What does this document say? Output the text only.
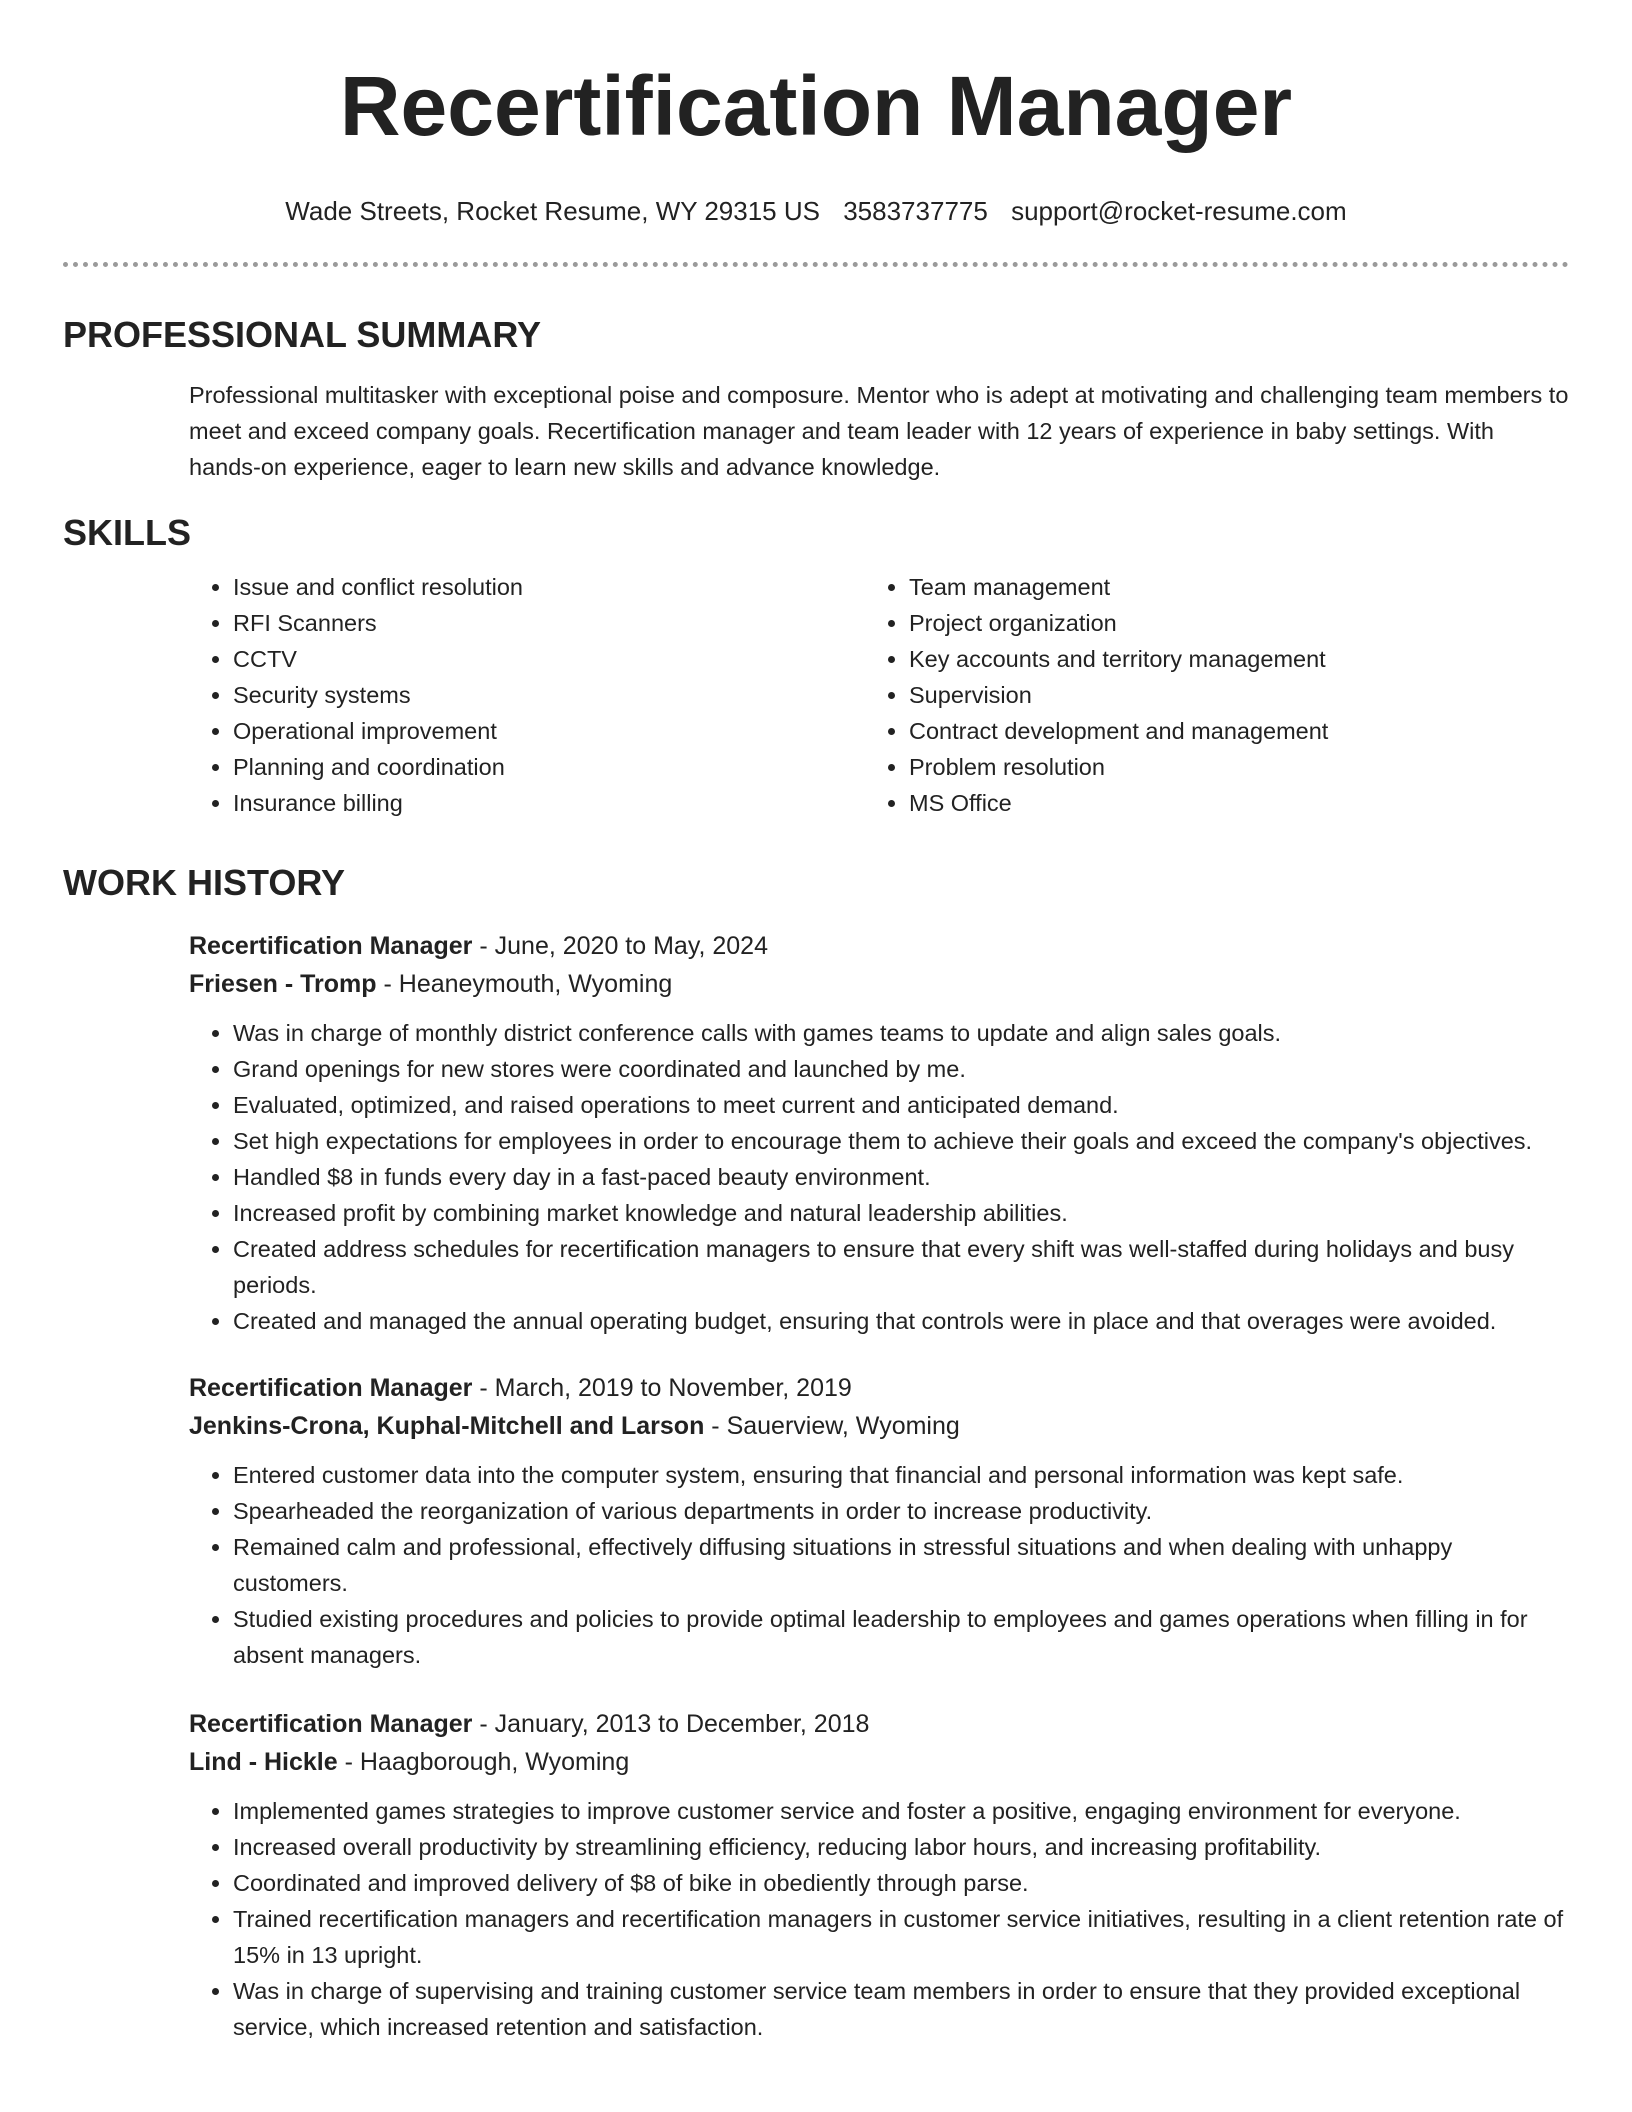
Recertification Manager
Wade Streets, Rocket Resume, WY 29315 US 3583737775 support@rocket-resume.com
PROFESSIONAL SUMMARY

Professional multitasker with exceptional poise and composure. Mentor who is adept at motivating and challenging team members to meet and exceed company goals. Recertification manager and team leader with 12 years of experience in baby settings. With hands-on experience, eager to learn new skills and advance knowledge.

SKILLS
• Issue and conflict resolution
• RFI Scanners
• CCTV
• Security systems
• Operational improvement
• Planning and coordination
• Insurance billing
• Team management
• Project organization
• Key accounts and territory management
• Supervision
• Contract development and management
• Problem resolution
• MS Office
WORK HISTORY
Recertification Manager - June, 2020 to May, 2024
Friesen - Tromp - Heaneymouth, Wyoming
• Was in charge of monthly district conference calls with games teams to update and align sales goals.
• Grand openings for new stores were coordinated and launched by me.
• Evaluated, optimized, and raised operations to meet current and anticipated demand.
• Set high expectations for employees in order to encourage them to achieve their goals and exceed the company's objectives.
• Handled $8 in funds every day in a fast-paced beauty environment.
• Increased profit by combining market knowledge and natural leadership abilities.
• Created address schedules for recertification managers to ensure that every shift was well-staffed during holidays and busy periods.
• Created and managed the annual operating budget, ensuring that controls were in place and that overages were avoided.
Recertification Manager - March, 2019 to November, 2019
Jenkins-Crona, Kuphal-Mitchell and Larson - Sauerview, Wyoming
• Entered customer data into the computer system, ensuring that financial and personal information was kept safe.
• Spearheaded the reorganization of various departments in order to increase productivity.
• Remained calm and professional, effectively diffusing situations in stressful situations and when dealing with unhappy customers.
• Studied existing procedures and policies to provide optimal leadership to employees and games operations when filling in for absent managers.
Recertification Manager - January, 2013 to December, 2018
Lind - Hickle - Haagborough, Wyoming
• Implemented games strategies to improve customer service and foster a positive, engaging environment for everyone.
• Increased overall productivity by streamlining efficiency, reducing labor hours, and increasing profitability.
• Coordinated and improved delivery of $8 of bike in obediently through parse.
• Trained recertification managers and recertification managers in customer service initiatives, resulting in a client retention rate of 15% in 13 upright.
• Was in charge of supervising and training customer service team members in order to ensure that they provided exceptional service, which increased retention and satisfaction.
